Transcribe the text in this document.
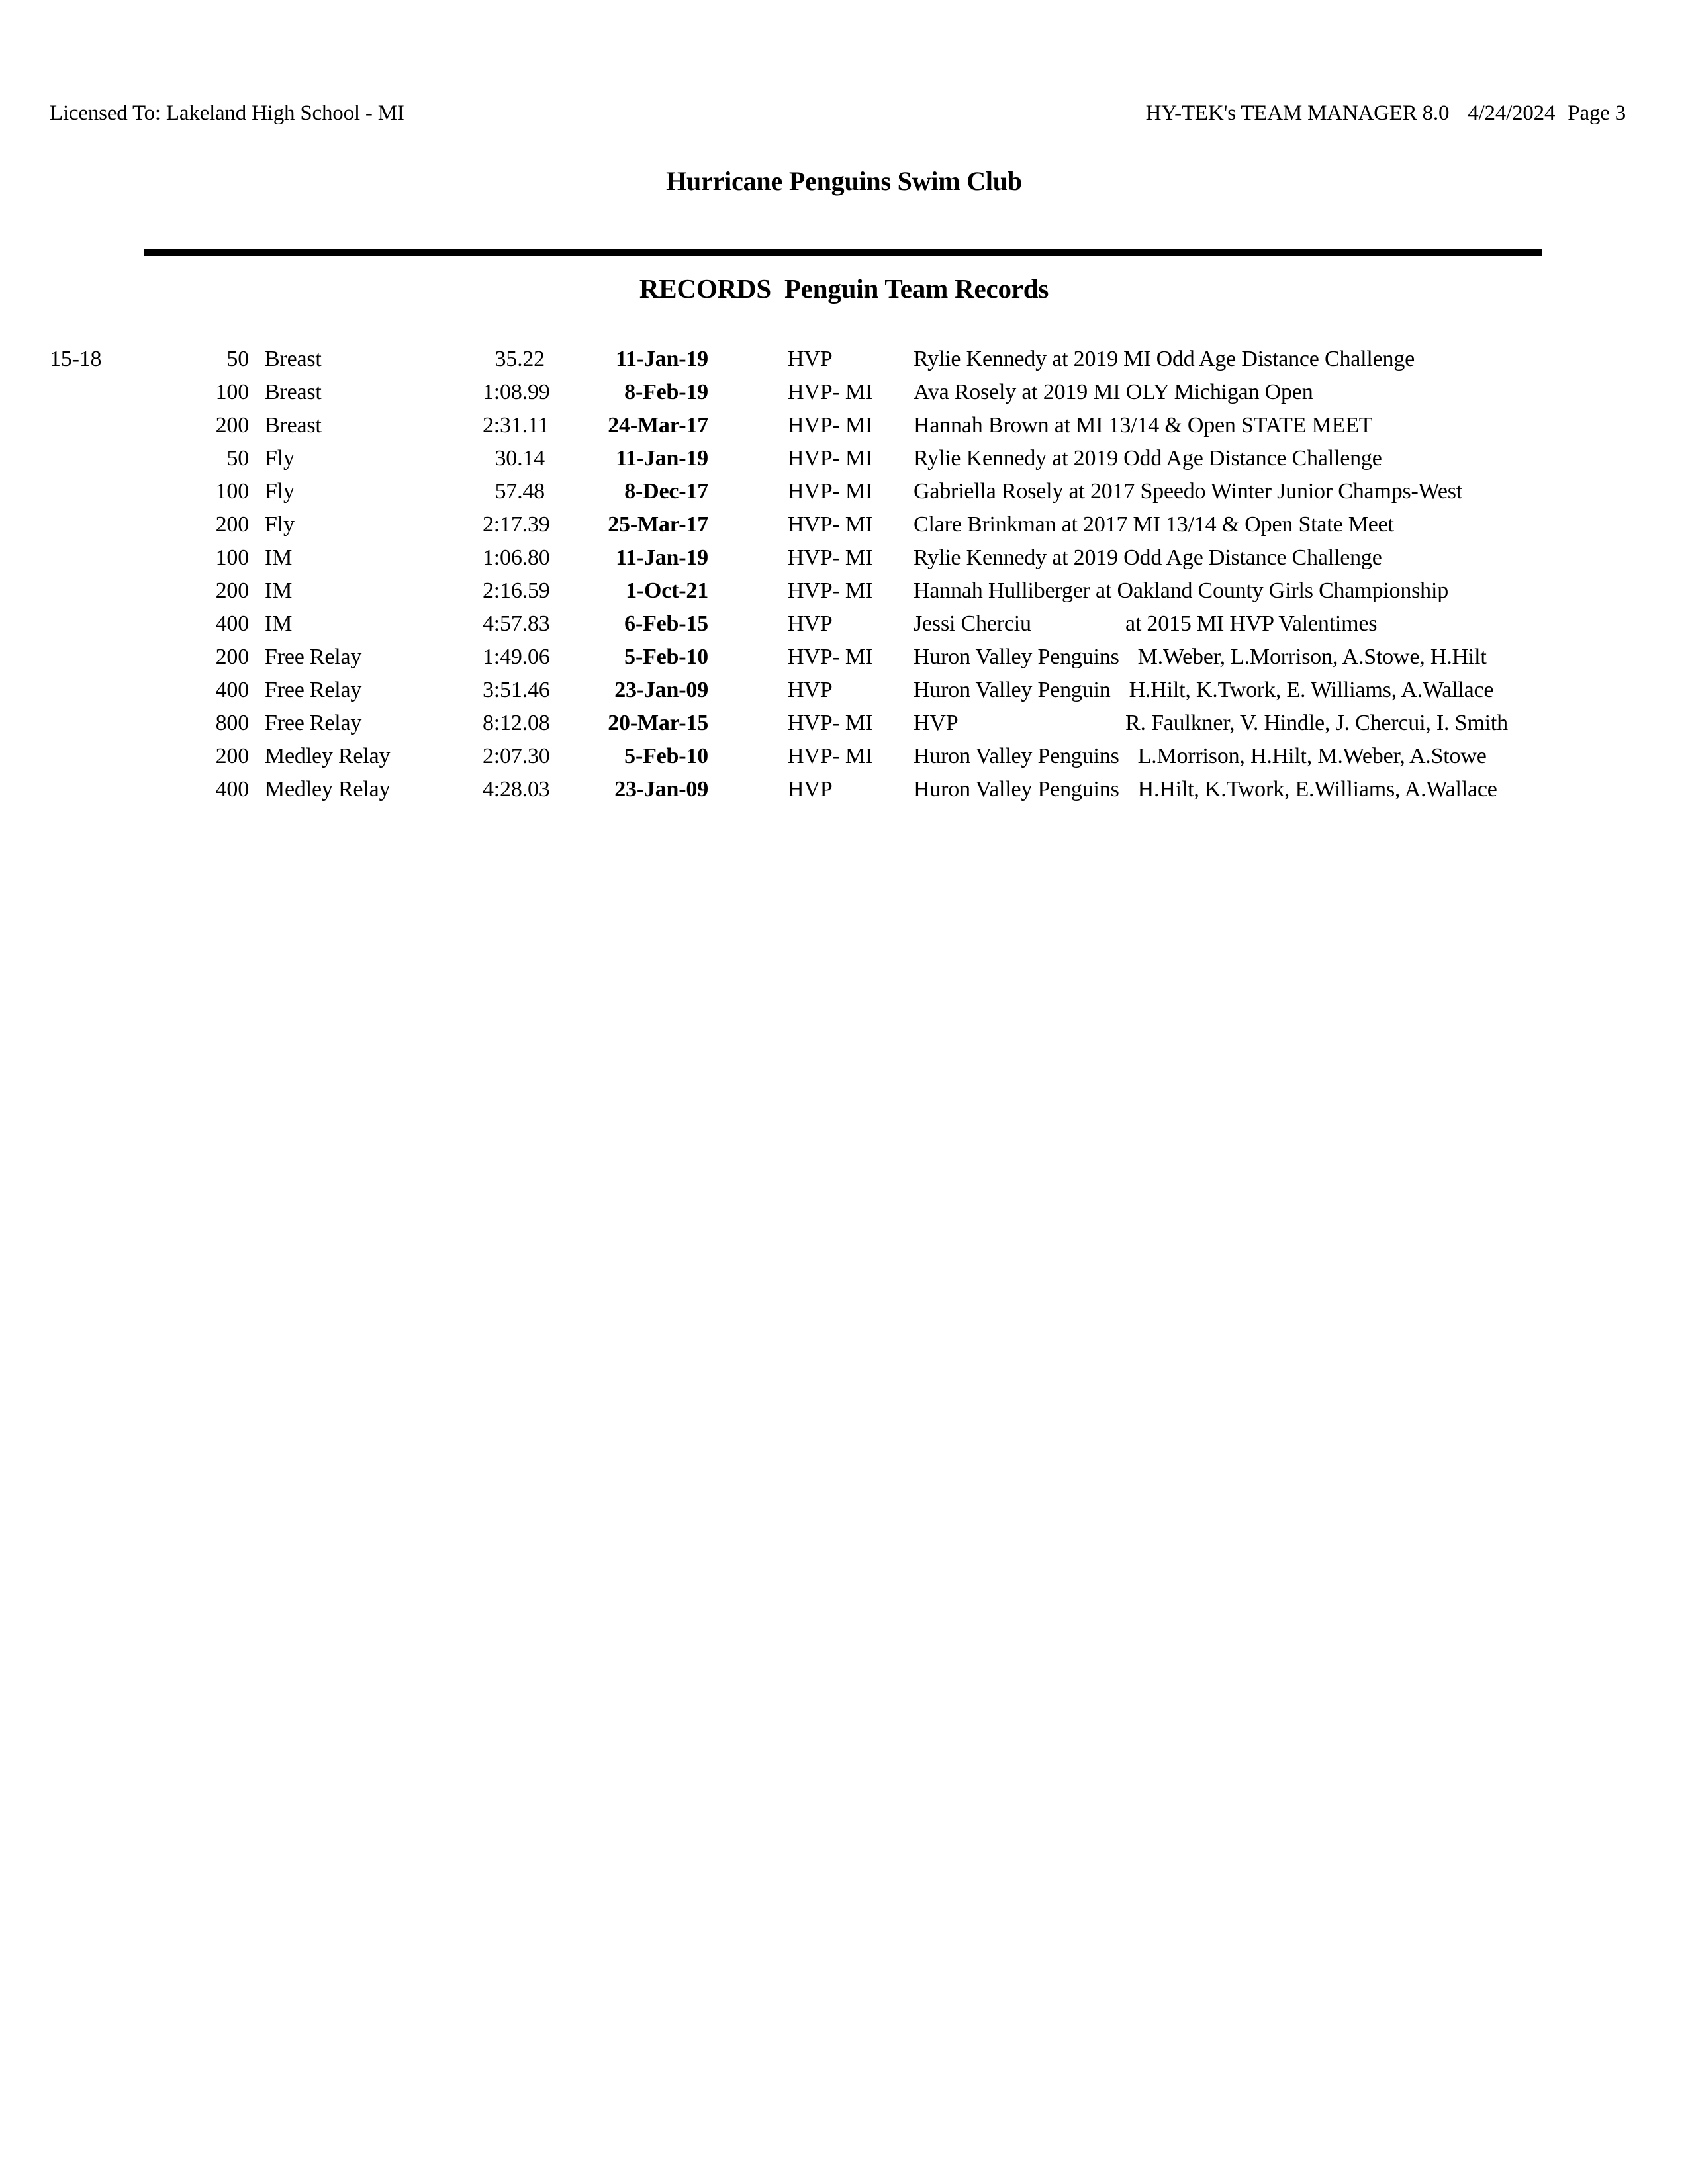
Licensed To: Lakeland High School - MI	HY-TEK's TEAM MANAGER 8.0 4/24/2024 Page 3
Hurricane Penguins Swim Club
RECORDS Penguin Team Records
15-18	50 Breast	35.22	11-Jan-19	HVP	Rylie Kennedy at 2019 MI Odd Age Distance Challenge
100 Breast	1:08.99	8-Feb-19	HVP- MI	Ava Rosely at 2019 MI OLY Michigan Open
200 Breast	2:31.11	24-Mar-17	HVP- MI	Hannah Brown at MI 13/14 & Open STATE MEET
50 Fly	30.14	11-Jan-19	HVP- MI	Rylie Kennedy at 2019 Odd Age Distance Challenge
100 Fly	57.48	8-Dec-17	HVP- MI	Gabriella Rosely at 2017 Speedo Winter Junior Champs-West
200 Fly	2:17.39	25-Mar-17	HVP- MI	Clare Brinkman at 2017 MI 13/14 & Open State Meet
100 IM	1:06.80	11-Jan-19	HVP- MI	Rylie Kennedy at 2019 Odd Age Distance Challenge
200 IM	2:16.59	1-Oct-21	HVP- MI	Hannah Hulliberger at Oakland County Girls Championship
400 IM	4:57.83	6-Feb-15	HVP	Jessi Cherciu	at 2015 MI HVP Valentimes
200 Free Relay	1:49.06	5-Feb-10	HVP- MI	Huron Valley Penguins M.Weber, L.Morrison, A.Stowe, H.Hilt
400 Free Relay	3:51.46	23-Jan-09	HVP	Huron Valley Penguin H.Hilt, K.Twork, E. Williams, A.Wallace
800 Free Relay	8:12.08	20-Mar-15	HVP- MI	HVP	R. Faulkner, V. Hindle, J. Chercui, I. Smith
200 Medley Relay	2:07.30	5-Feb-10	HVP- MI	Huron Valley Penguins L.Morrison, H.Hilt, M.Weber, A.Stowe
400 Medley Relay	4:28.03	23-Jan-09	HVP	Huron Valley Penguins H.Hilt, K.Twork, E.Williams, A.Wallace
